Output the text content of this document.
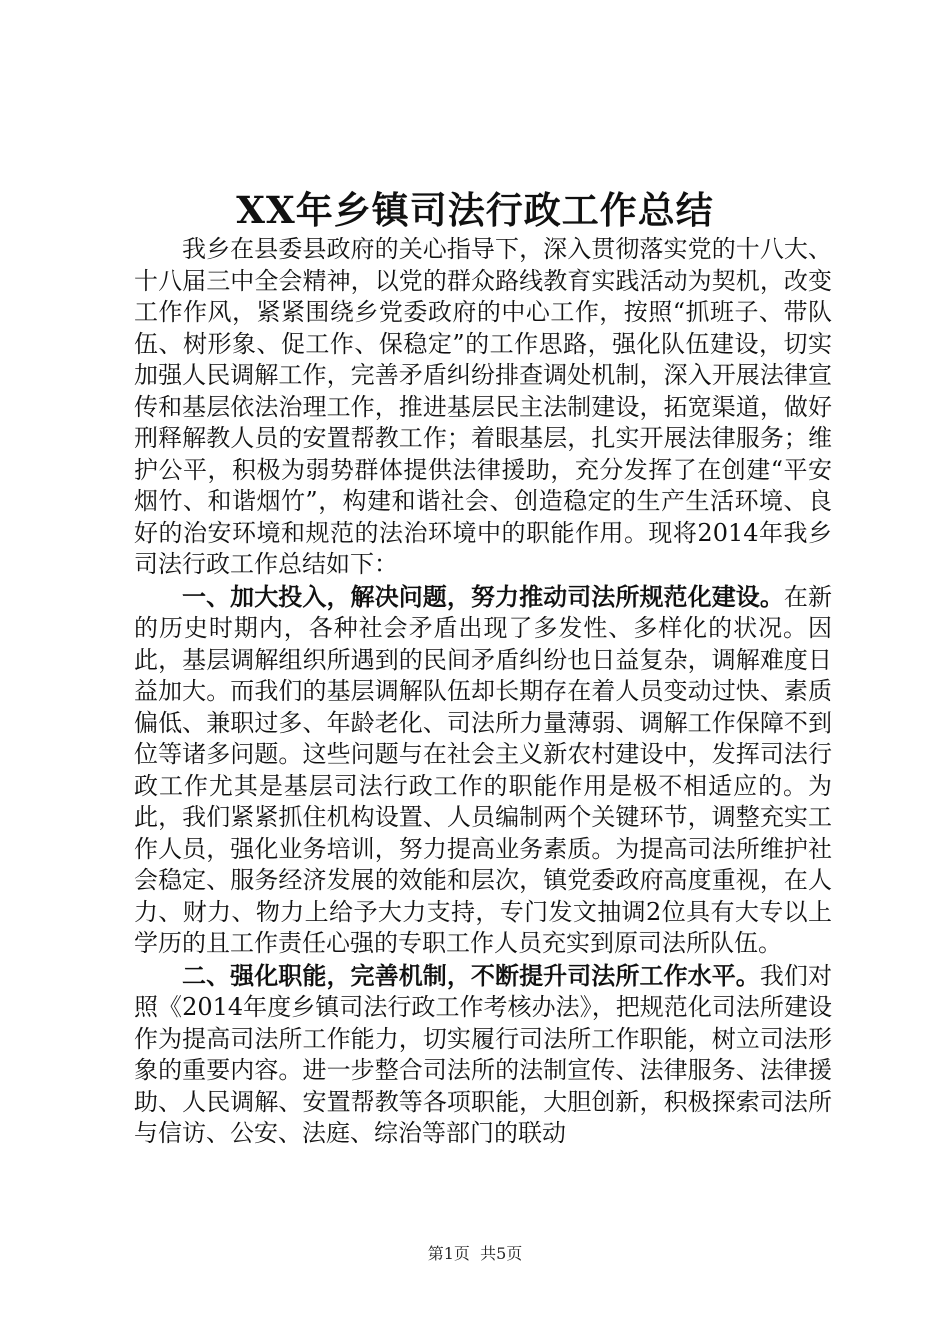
XX年乡镇司法行政工作总结

我乡在县委县政府的关心指导下，深入贯彻落实党的十八大、十八届三中全会精神，以党的群众路线教育实践活动为契机，改变工作作风，紧紧围绕乡党委政府的中心工作，按照“抓班子、带队伍、树形象、促工作、保稳定”的工作思路，强化队伍建设，切实加强人民调解工作，完善矛盾纠纷排查调处机制，深入开展法律宣传和基层依法治理工作，推进基层民主法制建设，拓宽渠道，做好刑释解教人员的安置帮教工作；着眼基层，扎实开展法律服务；维护公平，积极为弱势群体提供法律援助，充分发挥了在创建“平安烟竹、和谐烟竹”，构建和谐社会、创造稳定的生产生活环境、良好的治安环境和规范的法治环境中的职能作用。现将2014年我乡司法行政工作总结如下：

一、加大投入，解决问题，努力推动司法所规范化建设。在新的历史时期内，各种社会矛盾出现了多发性、多样化的状况。因此，基层调解组织所遇到的民间矛盾纠纷也日益复杂，调解难度日益加大。而我们的基层调解队伍却长期存在着人员变动过快、素质偏低、兼职过多、年龄老化、司法所力量薄弱、调解工作保障不到位等诸多问题。这些问题与在社会主义新农村建设中，发挥司法行政工作尤其是基层司法行政工作的职能作用是极不相适应的。为此，我们紧紧抓住机构设置、人员编制两个关键环节，调整充实工作人员，强化业务培训，努力提高业务素质。为提高司法所维护社会稳定、服务经济发展的效能和层次，镇党委政府高度重视，在人力、财力、物力上给予大力支持，专门发文抽调2位具有大专以上学历的且工作责任心强的专职工作人员充实到原司法所队伍。

二、强化职能，完善机制，不断提升司法所工作水平。我们对照《2014年度乡镇司法行政工作考核办法》，把规范化司法所建设作为提高司法所工作能力，切实履行司法所工作职能，树立司法形象的重要内容。进一步整合司法所的法制宣传、法律服务、法律援助、人民调解、安置帮教等各项职能，大胆创新，积极探索司法所与信访、公安、法庭、综治等部门的联动

第1页  共5页
